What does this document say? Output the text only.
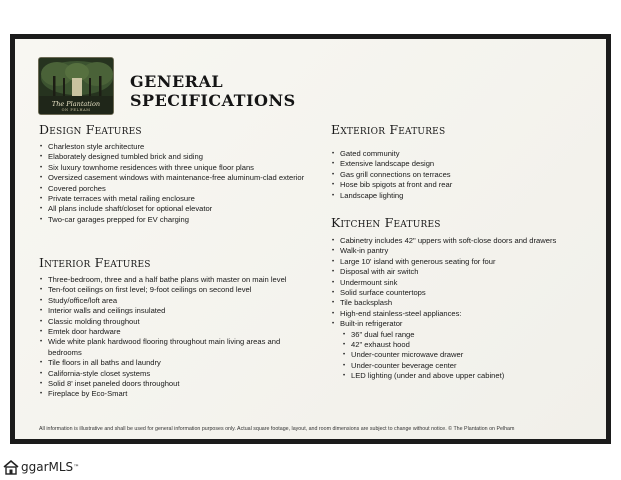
The Plantation
ON PELHAM
GENERAL
SPECIFICATIONS
Design Features
• Charleston style architecture
• Elaborately designed tumbled brick and siding
• Six luxury townhome residences with three unique floor plans
• Oversized casement windows with maintenance-free aluminum-clad exterior
• Covered porches
• Private terraces with metal railing enclosure
• All plans include shaft/closet for optional elevator
• Two-car garages prepped for EV charging
Interior Features
• Three-bedroom, three and a half bathe plans with master on main level
• Ten-foot ceilings on first level; 9-foot ceilings on second level
• Study/office/loft area
• Interior walls and ceilings insulated
• Classic molding throughout
• Emtek door hardware
• Wide white plank hardwood flooring throughout main living areas and bedrooms
• Tile floors in all baths and laundry
• California-style closet systems
• Solid 8' inset paneled doors throughout
• Fireplace by Eco-Smart
Exterior Features
• Gated community
• Extensive landscape design
• Gas grill connections on terraces
• Hose bib spigots at front and rear
• Landscape lighting
Kitchen Features
• Cabinetry includes 42" uppers with soft-close doors and drawers
• Walk-in pantry
• Large 10' island with generous seating for four
• Disposal with air switch
• Undermount sink
• Solid surface countertops
• Tile backsplash
• High-end stainless-steel appliances:
• Built-in refrigerator
• 36" dual fuel range
• 42" exhaust hood
• Under-counter microwave drawer
• Under-counter beverage center
• LED lighting (under and above upper cabinet)
All information is illustrative and shall be used for general information purposes only. Actual square footage, layout, and room dimensions are subject to change without notice. © The Plantation on Pelham
ggarMLS ™
